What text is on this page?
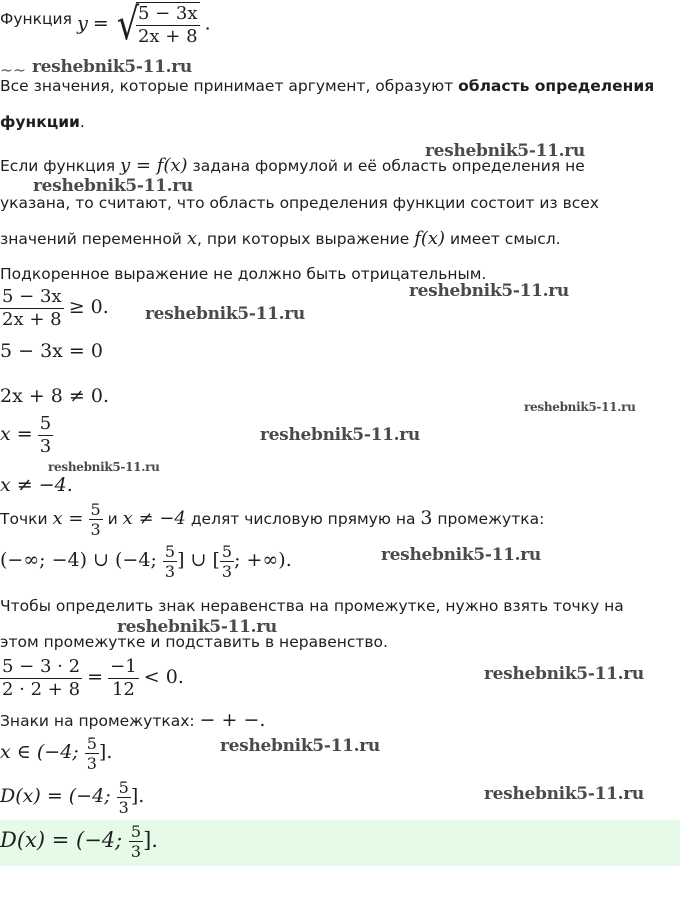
Функция y = √
$\frac{5 - 3x}{2x + 8}$ .
~~
Все значения, которые принимает аргумент, образуют область определения
функции.
Если функция y = f(x) задана формулой и её область определения не
указана, то считают, что область определения функции состоит из всех
значений переменной x, при которых выражение f(x) имеет смысл.
Подкоренное выражение не должно быть отрицательным.
$\frac{5 - 3x}{2x + 8} \ge 0$.
5 − 3x = 0
2x + 8 ≠ 0.
$x = \frac{5}{3}$
x ≠ −4.
Точки $x = \frac{5}{3}$ и x ≠ −4 делят числовую прямую на 3 промежутка:
(−∞; −4) ∪ (−4; $\frac{5}{3}$ ] ∪ [ $\frac{5}{3}$ ; +∞).
Чтобы определить знак неравенства на промежутке, нужно взять точку на
этом промежутке и подставить в неравенство.
$\frac{5 - 3 \cdot 2}{2 \cdot 2 + 8} = \frac{-1}{12} < 0$.
Знаки на промежутках: − + −.
x ∈ (−4; $\frac{5}{3}$ ].
D(x) = (−4; $\frac{5}{3}$ ].
D(x) = (−4; $\frac{5}{3}$ ].
reshebnik5-11.ru
reshebnik5-11.ru
reshebnik5-11.ru
reshebnik5-11.ru
reshebnik5-11.ru
reshebnik5-11.ru
reshebnik5-11.ru
reshebnik5-11.ru
reshebnik5-11.ru
reshebnik5-11.ru
reshebnik5-11.ru
reshebnik5-11.ru
reshebnik5-11.ru
